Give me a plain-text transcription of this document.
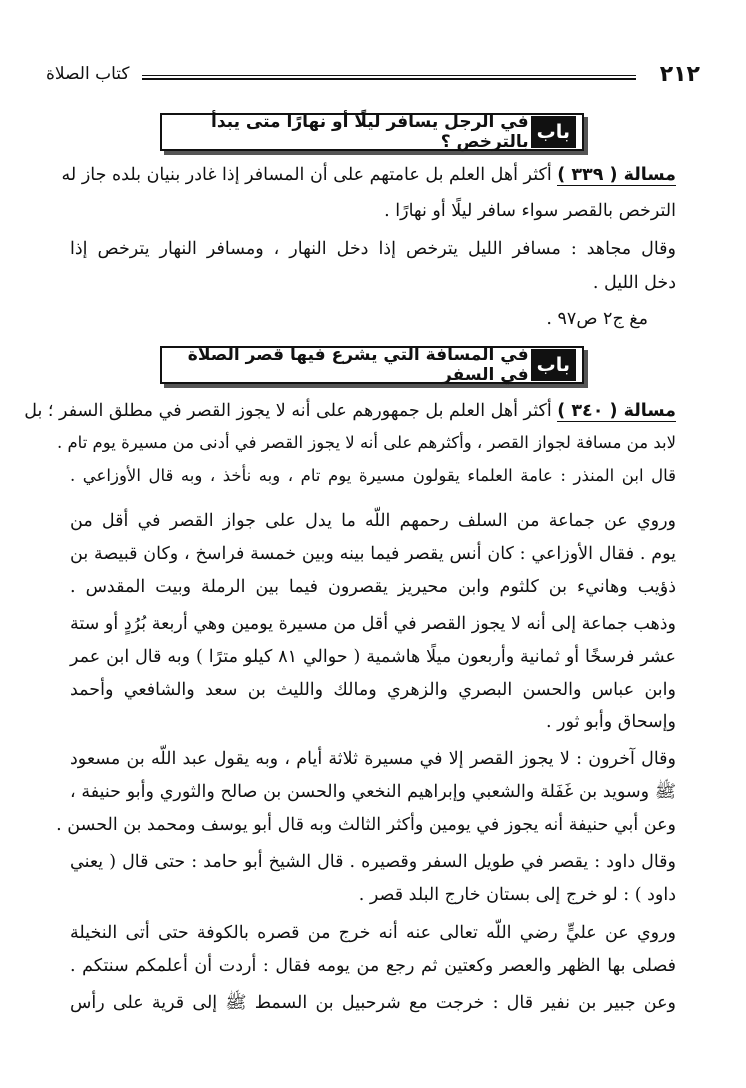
٢١٢
كتاب الصلاة
باب
في الرجل يسافر ليلًا أو نهارًا متى يبدأ بالترخص ؟
مسالة ( ٣٣٩ ) أكثر أهل العلم بل عامتهم على أن المسافر إذا غادر بنيان بلده جاز له
الترخص بالقصر سواء سافر ليلًا أو نهارًا .
وقال مجاهد : مسافر الليل يترخص إذا دخل النهار ، ومسافر النهار يترخص إذا
دخل الليل .
مغ ج٢ ص٩٧ .
باب
في المسافة التي يشرع فيها قصر الصلاة في السفر
مسالة ( ٣٤٠ ) أكثر أهل العلم بل جمهورهم على أنه لا يجوز القصر في مطلق السفر ؛ بل
لابد من مسافة لجواز القصر ، وأكثرهم على أنه لا يجوز القصر في أدنى من مسيرة يوم تام .
قال ابن المنذر : عامة العلماء يقولون مسيرة يوم تام ، وبه نأخذ ، وبه قال الأوزاعي .
وروي عن جماعة من السلف رحمهم اللّه ما يدل على جواز القصر في أقل من
يوم . فقال الأوزاعي : كان أنس يقصر فيما بينه وبين خمسة فراسخ ، وكان قبيصة بن
ذؤيب وهانيء بن كلثوم وابن محيريز يقصرون فيما بين الرملة وبيت المقدس .
وذهب جماعة إلى أنه لا يجوز القصر في أقل من مسيرة يومين وهي أربعة بُرُدٍ أو ستة
عشر فرسخًا أو ثمانية وأربعون ميلًا هاشمية ( حوالي ٨١ كيلو مترًا ) وبه قال ابن عمر
وابن عباس والحسن البصري والزهري ومالك والليث بن سعد والشافعي وأحمد
وإسحاق وأبو ثور .
وقال آخرون : لا يجوز القصر إلا في مسيرة ثلاثة أيام ، وبه يقول عبد اللّه بن مسعود
ﷺ وسويد بن غَفَلة والشعبي وإبراهيم النخعي والحسن بن صالح والثوري وأبو حنيفة ،
وعن أبي حنيفة أنه يجوز في يومين وأكثر الثالث وبه قال أبو يوسف ومحمد بن الحسن .
وقال داود : يقصر في طويل السفر وقصيره . قال الشيخ أبو حامد : حتى قال ( يعني
داود ) : لو خرج إلى بستان خارج البلد قصر .
وروي عن عليٍّ رضي اللّه تعالى عنه أنه خرج من قصره بالكوفة حتى أتى النخيلة
فصلى بها الظهر والعصر وكعتين ثم رجع من يومه فقال : أردت أن أعلمكم سنتكم .
وعن جبير بن نفير قال : خرجت مع شرحبيل بن السمط ﷺ إلى قرية على رأس
